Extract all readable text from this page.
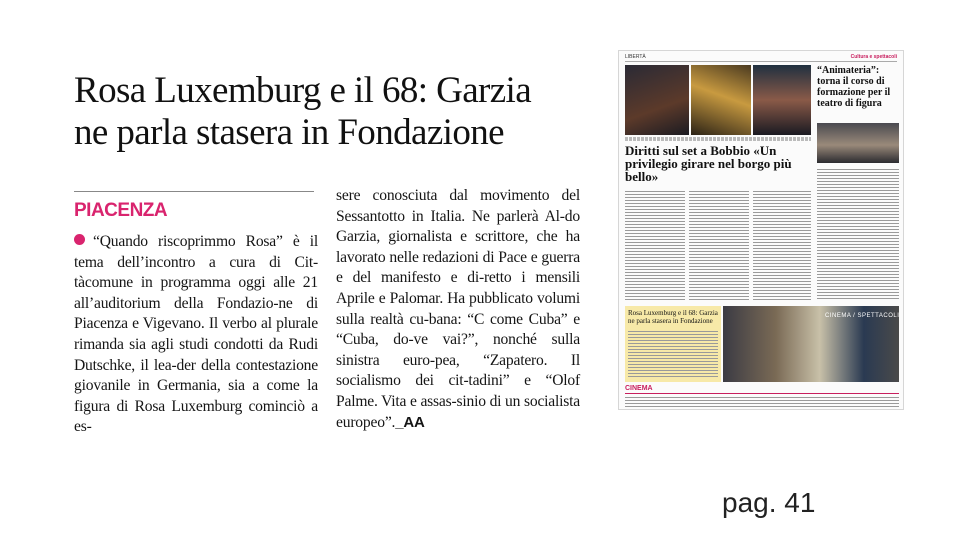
Rosa Luxemburg e il 68: Garzia
ne parla stasera in Fondazione
PIACENZA

“Quando riscoprimmo Rosa” è il tema dell’incontro a cura di Cit-tàcomune in programma oggi alle 21 all’auditorium della Fondazio-ne di Piacenza e Vigevano. Il verbo al plurale rimanda sia agli studi condotti da Rudi Dutschke, il lea-der della contestazione giovanile in Germania, sia a come la figura di Rosa Luxemburg cominciò a es-

sere conosciuta dal movimento del Sessantotto in Italia. Ne parlerà Al-do Garzia, giornalista e scrittore, che ha lavorato nelle redazioni di Pace e guerra e del manifesto e di-retto i mensili Aprile e Palomar. Ha pubblicato volumi sulla realtà cu-bana: “C come Cuba” e “Cuba, do-ve vai?”, nonché sulla sinistra euro-pea, “Zapatero. Il socialismo dei cit-tadini” e “Olof Palme. Vita e assas-sinio di un socialista europeo”._AA

LIBERTÀ	Cultura e spettacoli
“Animateria”: torna il corso di formazione per il teatro di figura
Diritti sul set a Bobbio «Un privilegio girare nel borgo più bello»
Rosa Luxemburg e il 68: Garzia ne parla stasera in Fondazione
CINEMA / SPETTACOLI
CINEMA
pag. 41
